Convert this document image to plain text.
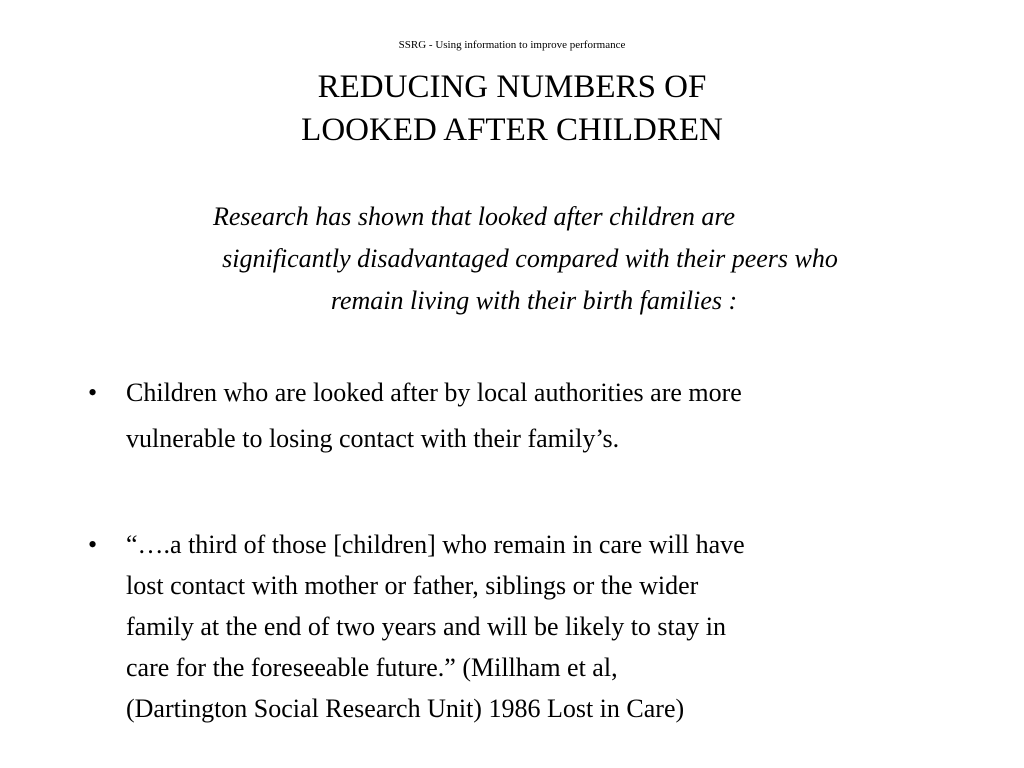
SSRG - Using information to improve performance
REDUCING NUMBERS OF
LOOKED AFTER CHILDREN
Research has shown that looked after children are
significantly disadvantaged compared with their peers who
remain living with their birth families :
• Children who are looked after by local authorities are more
vulnerable to losing contact with their family’s.
• “….a third of those [children] who remain in care will have
lost contact with mother or father, siblings or the wider
family at the end of two years and will be likely to stay in
care for the foreseeable future.” (Millham et al,
(Dartington Social Research Unit) 1986 Lost in Care)
